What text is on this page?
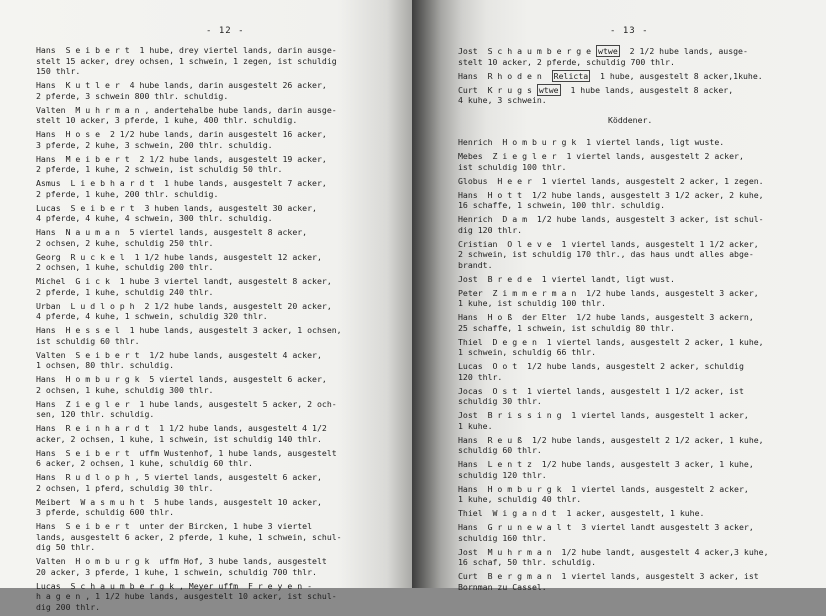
- 12 -
Hans  S e i b e r t  1 hube, drey viertel lands, darin ausge-
stelt 15 acker, drey ochsen, 1 schwein, 1 zegen, ist schuldig
150 thlr.
Hans  K u t l e r  4 hube lands, darin ausgestelt 26 acker,
2 pferde, 3 schwein 800 thlr. schuldig.
Valten  M u h r m a n , andertehalbe hube lands, darin ausge-
stelt 10 acker, 3 pferde, 1 kuhe, 400 thlr. schuldig.
Hans  H o s e  2 1/2 hube lands, darin ausgestelt 16 acker,
3 pferde, 2 kuhe, 3 schwein, 200 thlr. schuldig.
Hans  M e i b e r t  2 1/2 hube lands, ausgestelt 19 acker,
2 pferde, 1 kuhe, 2 schwein, ist schuldig 50 thlr.
Asmus  L i e b h a r d t  1 hube lands, ausgestelt 7 acker,
2 pferde, 1 kuhe, 200 thlr. schuldig.
Lucas  S e i b e r t  3 huben lands, ausgestelt 30 acker,
4 pferde, 4 kuhe, 4 schwein, 300 thlr. schuldig.
Hans  N a u m a n  5 viertel lands, ausgestelt 8 acker,
2 ochsen, 2 kuhe, schuldig 250 thlr.
Georg  R u c k e l  1 1/2 hube lands, ausgestelt 12 acker,
2 ochsen, 1 kuhe, schuldig 200 thlr.
Michel  G i c k  1 hube 3 viertel landt, ausgestelt 8 acker,
2 pferde, 1 kuhe, schuldig 240 thlr.
Urban  L u d l o p h  2 1/2 hube lands, ausgestelt 20 acker,
4 pferde, 4 kuhe, 1 schwein, schuldig 320 thlr.
Hans  H e s s e l  1 hube lands, ausgestelt 3 acker, 1 ochsen,
ist schuldig 60 thlr.
Valten  S e i b e r t  1/2 hube lands, ausgestelt 4 acker,
1 ochsen, 80 thlr. schuldig.
Hans  H o m b u r g k  5 viertel lands, ausgestelt 6 acker,
2 ochsen, 1 kuhe, schuldig 300 thlr.
Hans  Z i e g l e r  1 hube lands, ausgestelt 5 acker, 2 och-
sen, 120 thlr. schuldig.
Hans  R e i n h a r d t  1 1/2 hube lands, ausgestelt 4 1/2
acker, 2 ochsen, 1 kuhe, 1 schwein, ist schuldig 140 thlr.
Hans  S e i b e r t  uffm Wustenhof, 1 hube lands, ausgestelt
6 acker, 2 ochsen, 1 kuhe, schuldig 60 thlr.
Hans  R u d l o p h , 5 viertel lands, ausgestelt 6 acker,
2 ochsen, 1 pferd, schuldig 30 thlr.
Meibert  W a s m u h t  5 hube lands, ausgestelt 10 acker,
3 pferde, schuldig 600 thlr.
Hans  S e i b e r t  unter der Bircken, 1 hube 3 viertel
lands, ausgestelt 6 acker, 2 pferde, 1 kuhe, 1 schwein, schul-
dig 50 thlr.
Valten  H o m b u r g k  uffm Hof, 3 hube lands, ausgestelt
20 acker, 3 pferde, 1 kuhe, 1 schwein, schuldig 700 thlr.
Lucas  S c h a u m b e r g k , Meyer uffm  F r e y e n -
h a g e n , 1 1/2 hube lands, ausgestelt 10 acker, ist schul-
dig 200 thlr.
- 13 -
Jost  S c h a u m b e r g e wtwe  2 1/2 hube lands, ausge-
stelt 10 acker, 2 pferde, schuldig 700 thlr.
Hans  R h o d e n  Relicta  1 hube, ausgestelt 8 acker,1kuhe.
Curt  K r u g s wtwe  1 hube lands, ausgestelt 8 acker,
4 kuhe, 3 schwein.
Köddener.
Henrich  H o m b u r g k  1 viertel lands, ligt wuste.
Mebes  Z i e g l e r  1 viertel lands, ausgestelt 2 acker,
ist schuldig 100 thlr.
Globus  H e e r  1 viertel lands, ausgestelt 2 acker, 1 zegen.
Hans  H o t t  1/2 hube lands, ausgestelt 3 1/2 acker, 2 kuhe,
16 schaffe, 1 schwein, 100 thlr. schuldig.
Henrich  D a m  1/2 hube lands, ausgestelt 3 acker, ist schul-
dig 120 thlr.
Cristian  O l e v e  1 viertel lands, ausgestelt 1 1/2 acker,
2 schwein, ist schuldig 170 thlr., das haus undt alles abge-
brandt.
Jost  B r e d e  1 viertel landt, ligt wust.
Peter  Z i m m e r m a n  1/2 hube lands, ausgestelt 3 acker,
1 kuhe, ist schuldig 100 thlr.
Hans  H o ß  der Elter  1/2 hube lands, ausgestelt 3 ackern,
25 schaffe, 1 schwein, ist schuldig 80 thlr.
Thiel  D e g e n  1 viertel lands, ausgestelt 2 acker, 1 kuhe,
1 schwein, schuldig 66 thlr.
Lucas  O o t  1/2 hube lands, ausgestelt 2 acker, schuldig
120 thlr.
Jocas  O s t  1 viertel lands, ausgestelt 1 1/2 acker, ist
schuldig 30 thlr.
Jost  B r i s s i n g  1 viertel lands, ausgestelt 1 acker,
1 kuhe.
Hans  R e u ß  1/2 hube lands, ausgestelt 2 1/2 acker, 1 kuhe,
schuldig 60 thlr.
Hans  L e n t z  1/2 hube lands, ausgestelt 3 acker, 1 kuhe,
schuldig 120 thlr.
Hans  H o m b u r g k  1 viertel lands, ausgestelt 2 acker,
1 kuhe, schuldig 40 thlr.
Thiel  W i g a n d t  1 acker, ausgestelt, 1 kuhe.
Hans  G r u n e w a l t  3 viertel landt ausgestelt 3 acker,
schuldig 160 thlr.
Jost  M u h r m a n  1/2 hube landt, ausgestelt 4 acker,3 kuhe,
16 schaf, 50 thlr. schuldig.
Curt  B e r g m a n  1 viertel lands, ausgestelt 3 acker, ist
Bornman zu Cassel.
